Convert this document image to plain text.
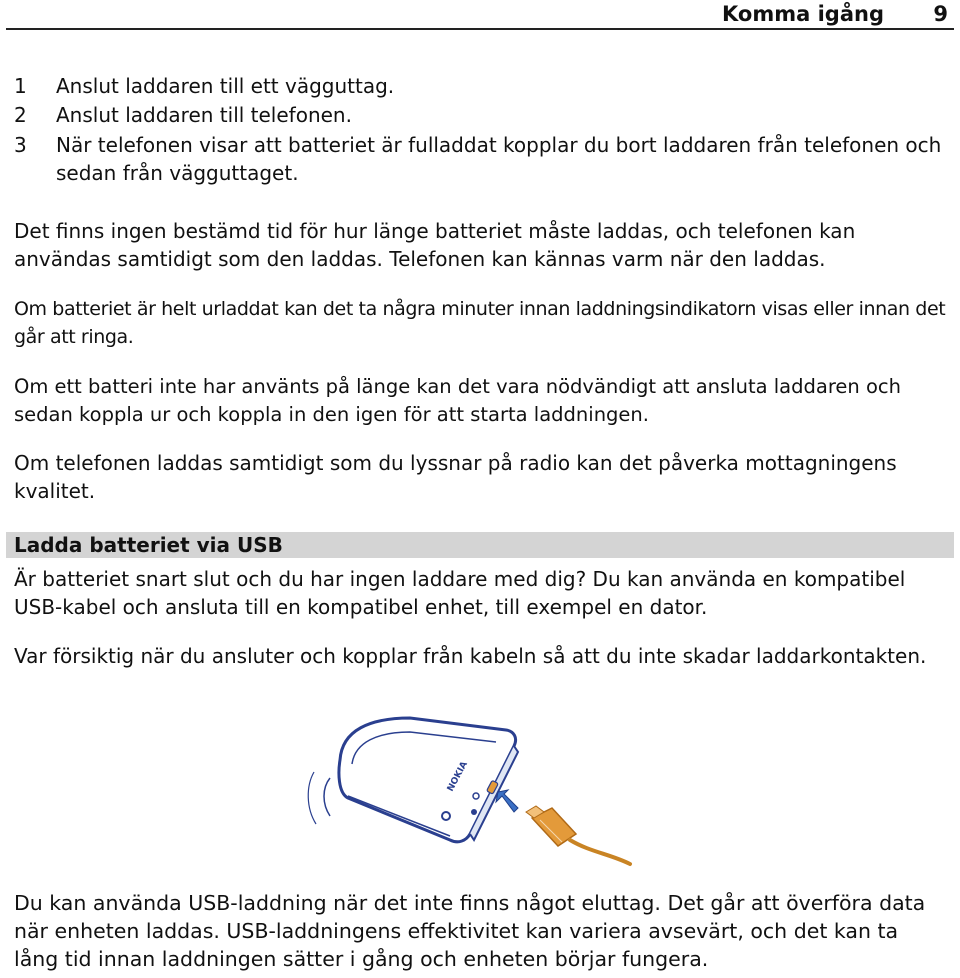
Komma igång 9
1	Anslut laddaren till ett vägguttag.
2	Anslut laddaren till telefonen.
3	När telefonen visar att batteriet är fulladdat kopplar du bort laddaren från telefonen och sedan från vägguttaget.

Det finns ingen bestämd tid för hur länge batteriet måste laddas, och telefonen kan användas samtidigt som den laddas. Telefonen kan kännas varm när den laddas.

Om batteriet är helt urladdat kan det ta några minuter innan laddningsindikatorn visas eller innan det går att ringa.

Om ett batteri inte har använts på länge kan det vara nödvändigt att ansluta laddaren och sedan koppla ur och koppla in den igen för att starta laddningen.

Om telefonen laddas samtidigt som du lyssnar på radio kan det påverka mottagningens kvalitet.

Ladda batteriet via USB

Är batteriet snart slut och du har ingen laddare med dig? Du kan använda en kompatibel USB-kabel och ansluta till en kompatibel enhet, till exempel en dator.

Var försiktig när du ansluter och kopplar från kabeln så att du inte skadar laddarkontakten.

NOKIA

Du kan använda USB-laddning när det inte finns något eluttag. Det går att överföra data när enheten laddas. USB-laddningens effektivitet kan variera avsevärt, och det kan ta lång tid innan laddningen sätter i gång och enheten börjar fungera.
